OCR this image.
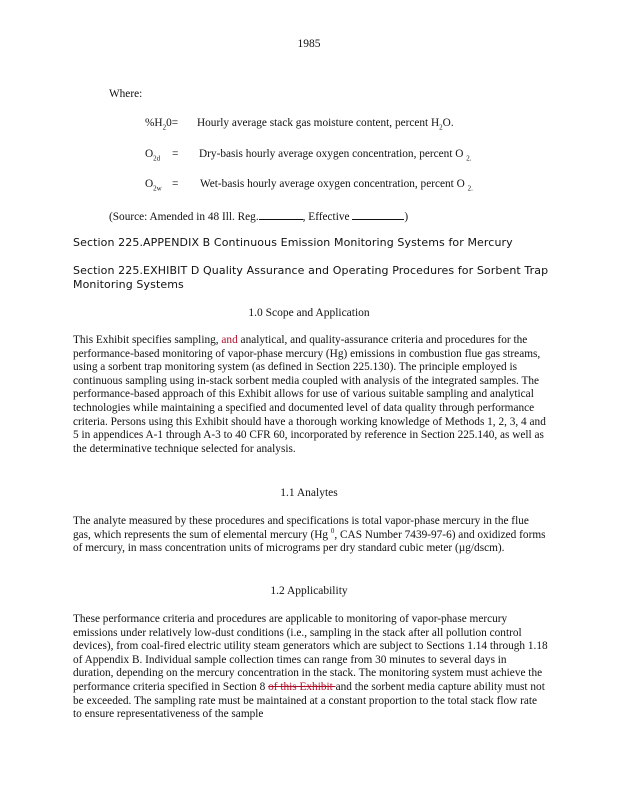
1985
Where:
$\%H_20=$ Hourly average stack gas moisture content, percent $H_2O$.
$O_{2d}$ = Dry-basis hourly average oxygen concentration, percent O $_{2.}$
$O_{2w}$ = Wet-basis hourly average oxygen concentration, percent O $_{2.}$
(Source: Amended in 48 Ill. Reg.	, Effective	)
Section 225.APPENDIX B Continuous Emission Monitoring Systems for Mercury
Section 225.EXHIBIT D Quality Assurance and Operating Procedures for Sorbent Trap Monitoring Systems
1.0 Scope and Application
This Exhibit specifies sampling, and analytical, and quality-assurance criteria and procedures for the performance-based monitoring of vapor-phase mercury (Hg) emissions in combustion flue gas streams, using a sorbent trap monitoring system (as defined in Section 225.130). The principle employed is continuous sampling using in-stack sorbent media coupled with analysis of the integrated samples. The performance-based approach of this Exhibit allows for use of various suitable sampling and analytical technologies while maintaining a specified and documented level of data quality through performance criteria. Persons using this Exhibit should have a thorough working knowledge of Methods 1, 2, 3, 4 and 5 in appendices A-1 through A-3 to 40 CFR 60, incorporated by reference in Section 225.140, as well as the determinative technique selected for analysis.
1.1 Analytes
The analyte measured by these procedures and specifications is total vapor-phase mercury in the flue gas, which represents the sum of elemental mercury (Hg $^0$, CAS Number 7439-97-6) and oxidized forms of mercury, in mass concentration units of micrograms per dry standard cubic meter (µg/dscm).
1.2 Applicability
These performance criteria and procedures are applicable to monitoring of vapor-phase mercury emissions under relatively low-dust conditions (i.e., sampling in the stack after all pollution control devices), from coal-fired electric utility steam generators which are subject to Sections 1.14 through 1.18 of Appendix B. Individual sample collection times can range from 30 minutes to several days in duration, depending on the mercury concentration in the stack. The monitoring system must achieve the performance criteria specified in Section 8 of this Exhibit and the sorbent media capture ability must not be exceeded. The sampling rate must be maintained at a constant proportion to the total stack flow rate to ensure representativeness of the sample
